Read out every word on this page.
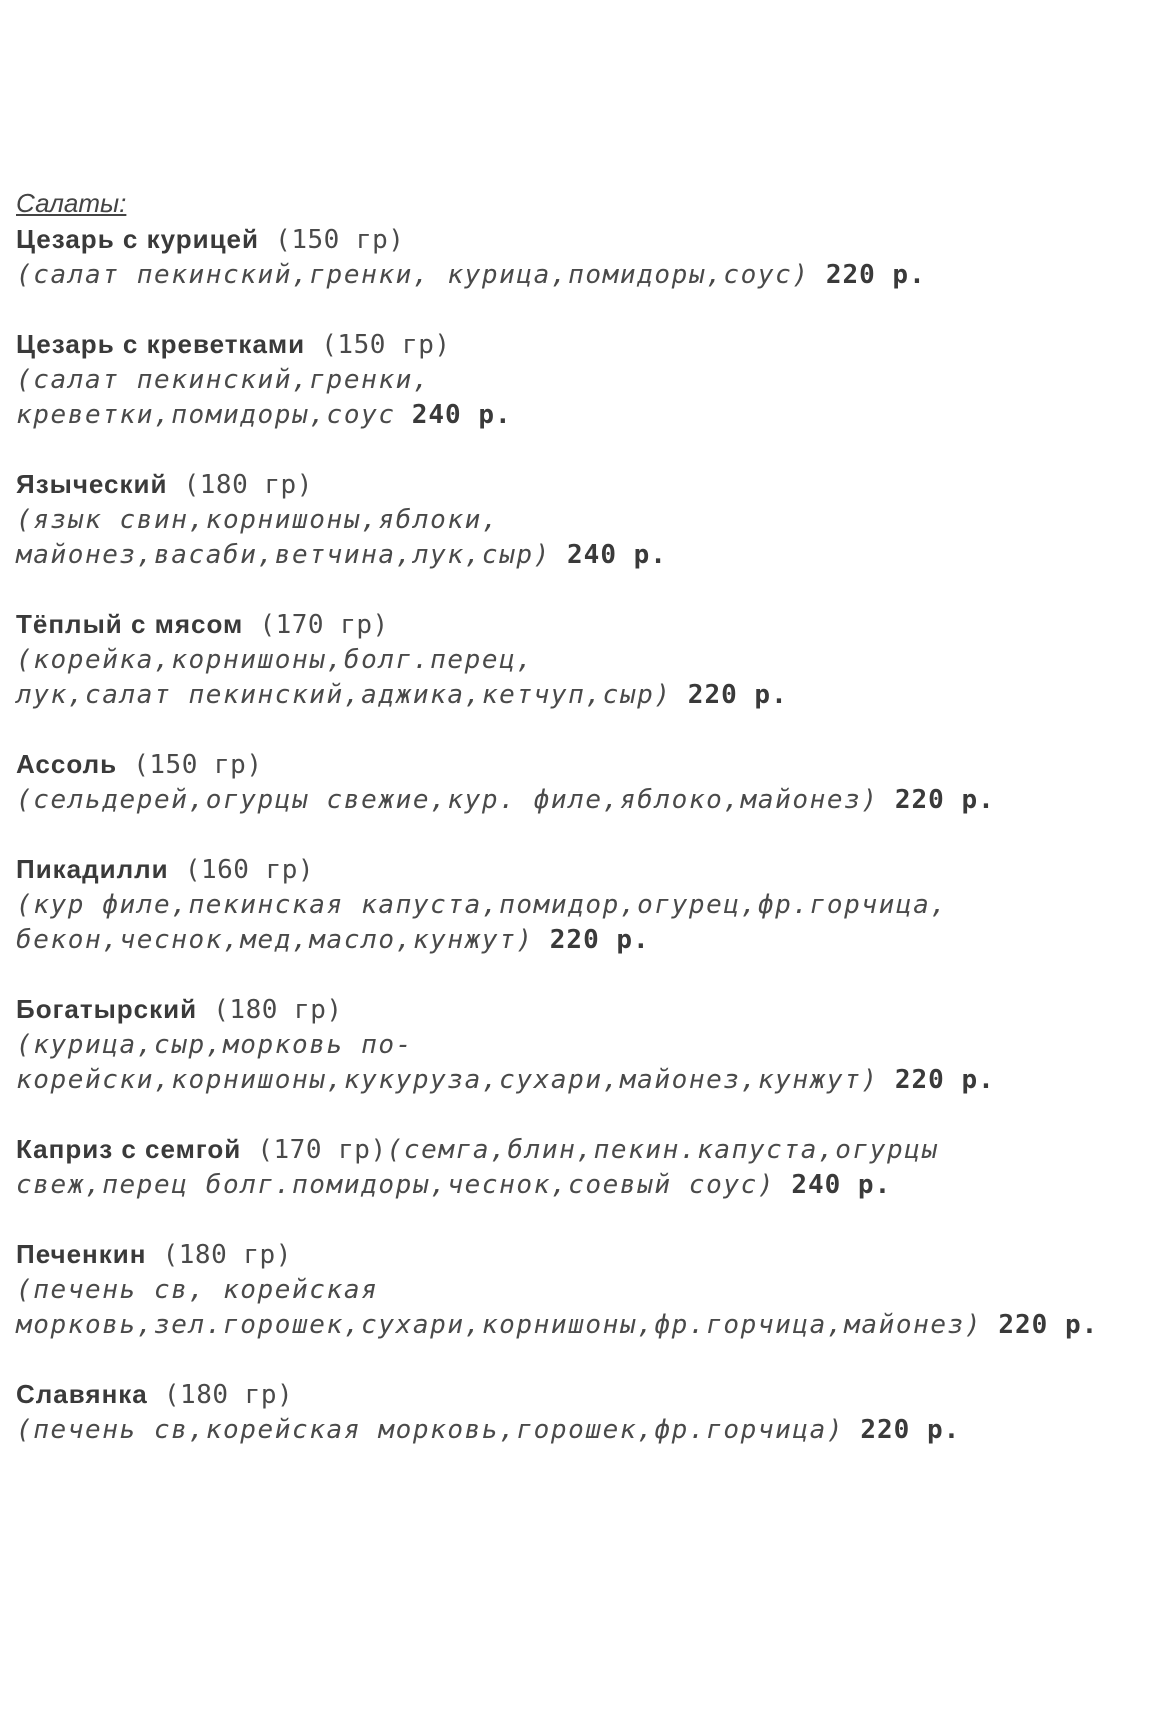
Салаты:
Цезарь с курицей (150 гр)
(салат пекинский,гренки, курица,помидоры,соус) 220 р.
Цезарь с креветками (150 гр)
(салат пекинский,гренки,
креветки,помидоры,соус 240 р.
Языческий (180 гр)
(язык свин,корнишоны,яблоки,
майонез,васаби,ветчина,лук,сыр) 240 р.
Тёплый с мясом (170 гр)
(корейка,корнишоны,болг.перец,
лук,салат пекинский,аджика,кетчуп,сыр) 220 р.
Ассоль (150 гр)
(сельдерей,огурцы свежие,кур. филе,яблоко,майонез) 220 р.
Пикадилли (160 гр)
(кур филе,пекинская капуста,помидор,огурец,фр.горчица,
бекон,чеснок,мед,масло,кунжут) 220 р.
Богатырский (180 гр)
(курица,сыр,морковь по-
корейски,корнишоны,кукуруза,сухари,майонез,кунжут) 220 р.
Каприз с семгой (170 гр)(семга,блин,пекин.капуста,огурцы
свеж,перец болг.помидоры,чеснок,соевый соус) 240 р.
Печенкин (180 гр)
(печень св, корейская
морковь,зел.горошек,сухари,корнишоны,фр.горчица,майонез) 220 р.
Славянка (180 гр)
(печень св,корейская морковь,горошек,фр.горчица) 220 р.
